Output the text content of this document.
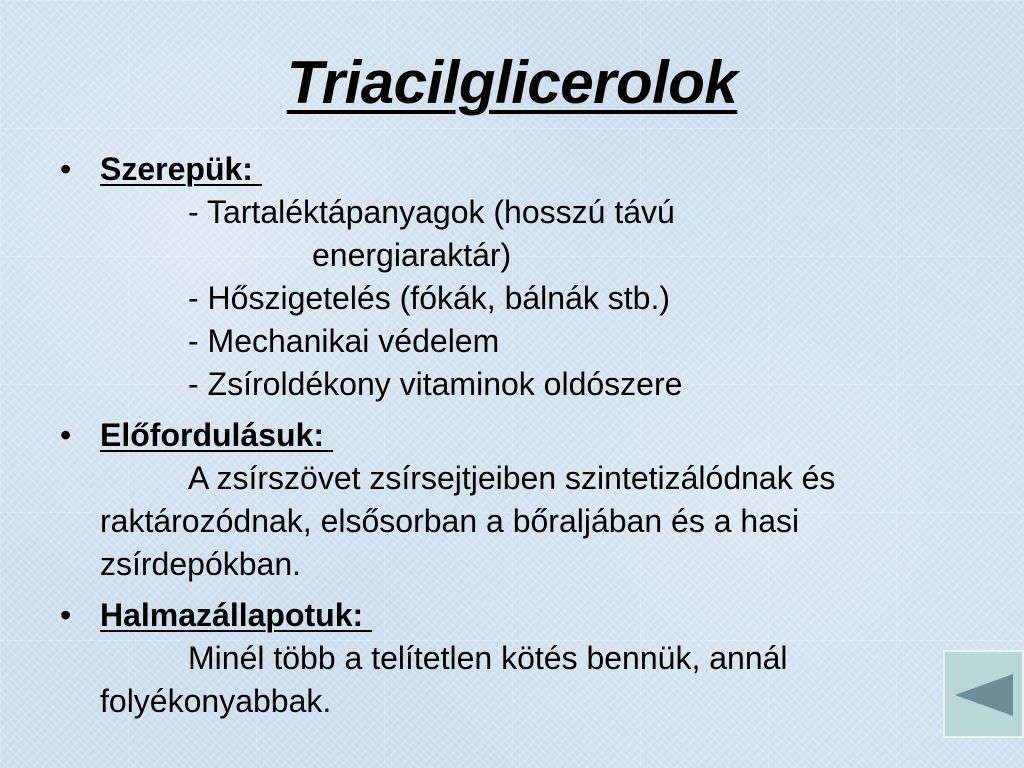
Triacilglicerolok
• Szerepük:
- Tartaléktápanyagok (hosszú távú
energiaraktár)
- Hőszigetelés (fókák, bálnák stb.)
- Mechanikai védelem
- Zsíroldékony vitaminok oldószere
• Előfordulásuk:
A zsírszövet zsírsejtjeiben szintetizálódnak és raktározódnak, elsősorban a bőraljában és a hasi zsírdepókban.
• Halmazállapotuk:
Minél több a telítetlen kötés bennük, annál folyékonyabbak.
